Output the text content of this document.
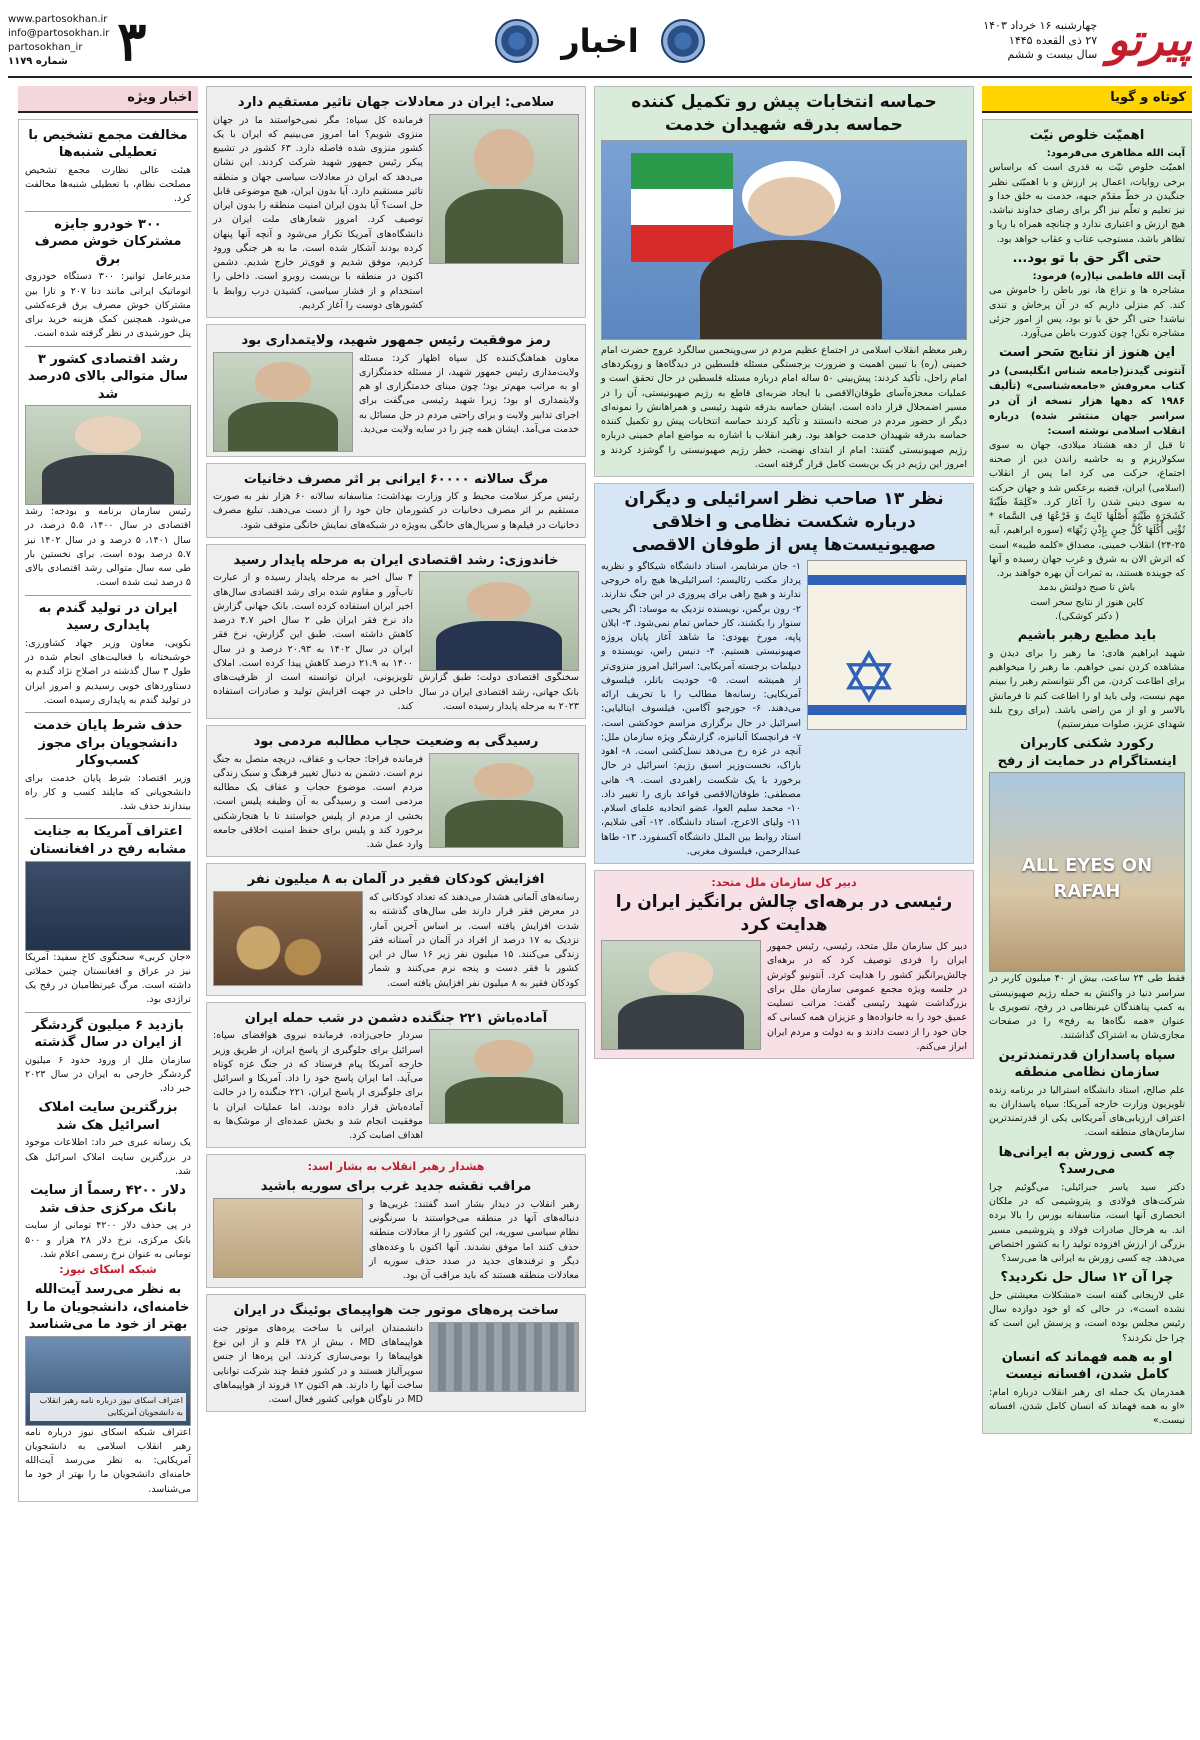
پیرتو
چهارشنبه ۱۶ خرداد ۱۴۰۳
۲۷ ذی القعده ۱۴۴۵
سال بیست و ششم
اخبار
www.partosokhan.ir
info@partosokhan.ir
partosokhan_ir
شماره ۱۱۷۹ ۳
کوتاه و گویا
اهمیّت خلوص نیّت

آیت الله مظاهری می‌فرمود:

اهمیّت خلوص نیّت به قدری است که براساس برخی روایات، اعمال پر ارزش و با اهمیّتی نظیر جنگیدن در خطّ مقدّم جبهه، خدمت به خلق خدا و نیز تعلیم و تعلّم نیز اگر برای رضای خداوند نباشد، هیچ ارزش و اعتباری ندارد و چنانچه همراه با ریا و تظاهر باشد، مستوجب عتاب و عقاب خواهد بود.

حتی اگر حق با تو بود...

آیت الله فاطمی نیا(ره) فرمود:

مشاجره ها و نزاع ها، نور باطن را خاموش می کند. کم منزلی داریم که در آن پرخاش و تندی نباشد! حتی اگر حق با تو بود، پس از امور جزئی مشاجره نکن! چون کدورت باطن می‌آورد.

این هنوز از نتایج سَحر است

آنتونی گیدنز(جامعه شناس انگلیسی) در کتاب معروفش «جامعه‌شناسی» (تألیف ۱۹۸۶ که دهها هزار نسخه از آن در سراسر جهان منتشر شده) درباره انقلاب اسلامی نوشته است:

تا قبل از دهه هشتاد میلادی، جهان به سوی سکولاریزم و به حاشیه راندن دین از صحنه اجتماع، حرکت می کرد اما پس از انقلاب (اسلامی) ایران، قضیه برعکس شد و جهان حرکت به سوی دینی شدن را آغاز کرد. «کَلِمَةً طَیِّبَةً کَشَجَرَةٍ طَیِّبَةٍ أَصْلُهَا ثَابِتٌ وَ فَرْعُهَا فِی السَّماء * تُؤْتِی أُکُلَهَا کُلَّ حِینٍ بِإِذْنِ رَبِّهَا» (سوره ابراهیم، آیه ۲۵-۲۴) انقلاب خمینی، مصداق «کلمه طیبه» است که اثرش الان به شرق و غرب جهان رسیده و آنها که جوینده هستند، به ثمرات آن بهره خواهند برد.

باش تا صبح دولتش بدمد

کاین هنوز از نتایج سحر است

( دکتر کوشکی).

باید مطیع رهبر باشیم

شهید ابراهیم هادی: ما رهبر را برای دیدن و مشاهده کردن نمی خواهیم. ما رهبر را میخواهیم برای اطاعت کردن. من اگر نتوانستم رهبر را ببینم مهم نیست، ولی باید او را اطاعت کنم تا فرمانش بالاسر و او از من راضی باشد. (برای روح بلند شهدای عزیز، صلوات میفرستیم)

رکورد شکنی کاربران اینستاگرام در حمایت از رفح
ALL EYES ON RAFAH

فقط طی ۲۴ ساعت، بیش از ۴۰ میلیون کاربر در سراسر دنیا در واکنش به حمله رژیم صهیونیستی به کمپ پناهندگان غیرنظامی در رفح، تصویری با عنوان «همه نگاه‌ها به رفح» را در صفحات مجازی‌شان به اشتراک گذاشتند.

سپاه پاسداران قدرتمندترین سازمان نظامی منطقه

علم صالح، استاد دانشگاه استرالیا در برنامه زنده تلویزیون وزارت خارجه آمریکا: سپاه پاسداران به اعتراف ارزیابی‌های آمریکایی یکی از قدرتمندترین سازمان‌های منطقه است.

چه کسی زورش به ایرانی‌ها می‌رسد؟

دکتر سید یاسر جبرائیلی: می‌گوئیم چرا شرکت‌های فولادی و پتروشیمی که در ملکان انحصاری آنها است، متاسفانه بورس را بالا برده اند. به هرحال صادرات فولاد و پتروشیمی مسیر بزرگی از ارزش افزوده تولید را به کشور اختصاص می‌دهد. چه کسی زورش به ایرانی ها می‌رسد؟

چرا آن ۱۲ سال حل نکردید؟

علی لاریجانی گفته است «مشکلات معیشتی حل نشده است»، در حالی که او خود دوازده سال رئیس مجلس بوده است، و پرسش این است که چرا حل نکردند؟

او به همه فهماند که انسان کامل شدن، افسانه نیست

همدرمان یک جمله ای رهبر انقلاب درباره امام: «او به همه فهماند که انسان کامل شدن، افسانه نیست.»

حماسه انتخابات پیش رو تکمیل کننده حماسه بدرقه شهیدان خدمت

رهبر معظم انقلاب اسلامی در اجتماع عظیم مردم در سی‌وپنجمین سالگرد عروج حضرت امام خمینی (ره) با تبیین اهمیت و ضرورت برجستگی مسئله فلسطین در دیدگاه‌ها و رویکردهای امام راحل، تأکید کردند: پیش‌بینی ۵۰ ساله امام درباره مسئله فلسطین در حال تحقق است و عملیات معجزه‌آسای طوفان‌الاقصی با ایجاد ضربه‌ای قاطع به رژیم صهیونیستی، آن را در مسیر اضمحلال قرار داده است. ایشان حماسه بدرقه شهید رئیسی و همراهانش را نمونه‌ای دیگر از حضور مردم در صحنه دانستند و تأکید کردند حماسه انتخابات پیش رو تکمیل کننده حماسه بدرقه شهیدان خدمت خواهد بود. رهبر انقلاب با اشاره به مواضع امام خمینی درباره رژیم صهیونیستی گفتند: امام از ابتدای نهضت، خطر رژیم صهیونیستی را گوشزد کردند و امروز این رژیم در یک بن‌بست کامل قرار گرفته است.

نظر ۱۳ صاحب نظر اسرائیلی و دیگران درباره شکست نظامی و اخلاقی صهیونیست‌ها پس از طوفان الاقصی
✡

۱- جان مرشایمر، استاد دانشگاه شیکاگو و نظریه پرداز مکتب رئالیسم: اسرائیلی‌ها هیچ راه خروجی ندارند و هیچ راهی برای پیروزی در این جنگ ندارند. ۲- رون برگمن، نویسنده نزدیک به موساد: اگر یحیی سنوار را بکشند، کار حماس تمام نمی‌شود. ۳- ایلان پاپه، مورخ یهودی: ما شاهد آغاز پایان پروژه صهیونیستی هستیم. ۴- دنیس راس، نویسنده و دیپلمات برجسته آمریکایی: اسرائیل امروز منزوی‌تر از همیشه است. ۵- جودیت باتلر، فیلسوف آمریکایی: رسانه‌ها مطالب را با تحریف ارائه می‌دهند. ۶- جورجیو آگامبن، فیلسوف ایتالیایی: اسرائیل در حال برگزاری مراسم خودکشی است. ۷- فرانچسکا آلبانیزه، گزارشگر ویژه سازمان ملل: آنچه در غزه رخ می‌دهد نسل‌کشی است. ۸- اهود باراک، نخست‌وزیر اسبق رژیم: اسرائیل در حال برخورد با یک شکست راهبردی است. ۹- هانی مصطفی: طوفان‌الاقصی قواعد بازی را تغییر داد. ۱۰- محمد سلیم العوا، عضو اتحادیه علمای اسلام. ۱۱- ولیای الاعرج، استاد دانشگاه. ۱۲- آفی شلایم، استاد روابط بین الملل دانشگاه آکسفورد. ۱۳- طاها عبدالرحمن، فیلسوف مغربی.

دبیر کل سازمان ملل متحد:
رئیسی در برهه‌ای چالش برانگیز ایران را هدایت کرد

دبیر کل سازمان ملل متحد، رئیسی، رئیس جمهور ایران را فردی توصیف کرد که در برهه‌ای چالش‌برانگیز کشور را هدایت کرد. آنتونیو گوترش در جلسه ویژه مجمع عمومی سازمان ملل برای بزرگداشت شهید رئیسی گفت: مراتب تسلیت عمیق خود را به خانواده‌ها و عزیزان همه کسانی که جان خود را از دست دادند و به دولت و مردم ایران ابراز می‌کنم.

سلامی: ایران در معادلات جهان تاثیر مستقیم دارد

فرمانده کل سپاه: مگر نمی‌خواستند ما در جهان منزوی شویم؟ اما امروز می‌بینیم که ایران با یک کشور منزوی شده فاصله دارد. ۶۳ کشور در تشییع پیکر رئیس جمهور شهید شرکت کردند. این نشان می‌دهد که ایران در معادلات سیاسی جهان و منطقه تاثیر مستقیم دارد. آیا بدون ایران، هیچ موضوعی قابل حل است؟ آیا بدون ایران امنیت منطقه را بدون ایران توصیف کرد. امروز شعارهای ملت ایران در دانشگاه‌های آمریکا تکرار می‌شود و آنچه آنها پنهان کرده بودند آشکار شده است. ما به هر جنگی ورود کردیم، موفق شدیم و قوی‌تر خارج شدیم. دشمن اکنون در منطقه با بن‌بست روبرو است. داخلی را استخدام و از فشار سیاسی، کشیدن درب روابط با کشورهای دوست را آغاز کردیم.

رمز موفقیت رئیس جمهور شهید، ولایتمداری بود

معاون هماهنگ‌کننده کل سپاه اظهار کرد: مسئله ولایت‌مداری رئیس جمهور شهید، از مسئله خدمتگزاری او به مراتب مهم‌تر بود؛ چون مبنای خدمتگزاری او هم ولایتمداری او بود؛ زیرا شهید رئیسی می‌گفت برای اجرای تدابیر ولایت و برای راحتی مردم در حل مسائل به خدمت می‌آمد. ایشان همه چیز را در سایه ولایت می‌دید.

مرگ سالانه ۶۰۰۰۰ ایرانی بر اثر مصرف دخانیات

رئیس مرکز سلامت محیط و کار وزارت بهداشت: متاسفانه سالانه ۶۰ هزار نفر به صورت مستقیم بر اثر مصرف دخانیات در کشورمان جان خود را از دست می‌دهند. تبلیغ مصرف دخانیات در فیلم‌ها و سریال‌های خانگی به‌ویژه در شبکه‌های نمایش خانگی متوقف شود.

خاندوزی: رشد اقتصادی ایران به مرحله پایدار رسید

سخنگوی اقتصادی دولت: طبق گزارش بانک جهانی، رشد اقتصادی ایران در سال ۲۰۲۳ به مرحله پایدار رسیده است.

۴ سال اخیر به مرحله پایدار رسیده و از عبارت تاب‌آور و مقاوم شده برای رشد اقتصادی سال‌های اخیر ایران استفاده کرده است. بانک جهانی گزارش داد نرخ فقر ایران طی ۲ سال اخیر ۴.۷ درصد کاهش داشته است. طبق این گزارش، نرخ فقر ایران در سال ۱۴۰۲ به ۲۰.۹۳ درصد و در سال ۱۴۰۰ به ۲۱.۹ درصد کاهش پیدا کرده است. املاک تلویزیونی، ایران توانسته است از ظرفیت‌های داخلی در جهت افزایش تولید و صادرات استفاده کند.

رسیدگی به وضعیت حجاب مطالبه مردمی بود

فرمانده فراجا: حجاب و عفاف، دریچه متصل به جنگ نرم است. دشمن به دنبال تغییر فرهنگ و سبک زندگی مردم است. موضوع حجاب و عفاف یک مطالبه مردمی است و رسیدگی به آن وظیفه پلیس است. بخشی از مردم از پلیس خواستند تا با هنجارشکنی برخورد کند و پلیس برای حفظ امنیت اخلاقی جامعه وارد عمل شد.

افزایش کودکان فقیر در آلمان به ۸ میلیون نفر

رسانه‌های آلمانی هشدار می‌دهند که تعداد کودکانی که در معرض فقر قرار دارند طی سال‌های گذشته به شدت افزایش یافته است. بر اساس آخرین آمار، نزدیک به ۱۷ درصد از افراد در آلمان در آستانه فقر زندگی می‌کنند. ۱۵ میلیون نفر زیر ۱۶ سال در این کشور با فقر دست و پنجه نرم می‌کنند و شمار کودکان فقیر به ۸ میلیون نفر افزایش یافته است.

آماده‌باش ۲۲۱ جنگنده دشمن در شب حمله ایران

سردار حاجی‌زاده، فرمانده نیروی هوافضای سپاه: اسرائیل برای جلوگیری از پاسخ ایران، از طریق وزیر خارجه آمریکا پیام فرستاد که در جنگ غزه کوتاه می‌آید. اما ایران پاسخ خود را داد. آمریکا و اسرائیل برای جلوگیری از پاسخ ایران، ۲۲۱ جنگنده را در حالت آماده‌باش قرار داده بودند، اما عملیات ایران با موفقیت انجام شد و بخش عمده‌ای از موشک‌ها به اهداف اصابت کرد.

هشدار رهبر انقلاب به بشار اسد:
مراقب نقشه جدید غرب برای سوریه باشید

رهبر انقلاب در دیدار بشار اسد گفتند: غربی‌ها و دنباله‌های آنها در منطقه می‌خواستند با سرنگونی نظام سیاسی سوریه، این کشور را از معادلات منطقه حذف کنند اما موفق نشدند. آنها اکنون با وعده‌های دیگر و ترفندهای جدید در صدد حذف سوریه از معادلات منطقه هستند که باید مراقب آن بود.

ساخت پره‌های موتور جت هواپیمای بوئینگ در ایران

دانشمندان ایرانی با ساخت پره‌های موتور جت هواپیماهای MD ، بیش از ۲۸ قلم و از این نوع هواپیماها را بومی‌سازی کردند. این پره‌ها از جنس سوپرآلیاژ هستند و در کشور فقط چند شرکت توانایی ساخت آنها را دارند. هم اکنون ۱۲ فروند از هواپیماهای MD در ناوگان هوایی کشور فعال است.

اخبار ویژه
مخالفت مجمع تشخیص با تعطیلی شنبه‌ها

هیئت عالی نظارت مجمع تشخیص مصلحت نظام، با تعطیلی شنبه‌ها مخالفت کرد.

۳۰۰ خودرو جایزه مشترکان خوش مصرف برق

مدیرعامل توانیر: ۳۰۰ دستگاه خودروی اتوماتیک ایرانی مانند دنا ۲۰۷ و تارا بین مشترکان خوش مصرف برق قرعه‌کشی می‌شود. همچنین کمک هزینه خرید برای پنل خورشیدی در نظر گرفته شده است.

رشد اقتصادی کشور ۳ سال متوالی بالای ۵درصد شد

رئیس سازمان برنامه و بودجه: رشد اقتصادی در سال ۱۴۰۰، ۵.۵ درصد، در سال ۱۴۰۱، ۵ درصد و در سال ۱۴۰۲ نیز ۵.۷ درصد بوده است. برای نخستین بار طی سه سال متوالی رشد اقتصادی بالای ۵ درصد ثبت شده است.

ایران در تولید گندم به پایداری رسید

نکویی، معاون وزیر جهاد کشاورزی: خوشبختانه با فعالیت‌های انجام شده در طول ۳ سال گذشته در اصلاح نژاد گندم به دستاوردهای خوبی رسیدیم و امروز ایران در تولید گندم به پایداری رسیده است.

حذف شرط پایان خدمت دانشجویان برای مجوز کسب‌وکار

وزیر اقتصاد: شرط پایان خدمت برای دانشجویانی که مایلند کسب و کار راه بیندازند حذف شد.

اعتراف آمریکا به جنایت مشابه رفح در افغانستان

«جان کربی» سخنگوی کاخ سفید: آمریکا نیز در عراق و افغانستان چنین حملاتی داشته است. مرگ غیرنظامیان در رفح یک تراژدی بود.

بازدید ۶ میلیون گردشگر از ایران در سال گذشته

سازمان ملل از ورود حدود ۶ میلیون گردشگر خارجی به ایران در سال ۲۰۲۳ خبر داد.

بزرگترین سایت املاک اسرائیل هک شد

یک رسانه عبری خبر داد: اطلاعات موجود در بزرگترین سایت املاک اسرائیل هک شد.

دلار ۴۲۰۰ رسماً از سایت بانک مرکزی حذف شد

در پی حذف دلار ۴۲۰۰ تومانی از سایت بانک مرکزی، نرخ دلار ۲۸ هزار و ۵۰۰ تومانی به عنوان نرخ رسمی اعلام شد.

شبکه اسکای نیوز:
به نظر می‌رسد آیت‌الله خامنه‌ای، دانشجویان ما را بهتر از خود ما می‌شناسد
اعتراف اسکای نیوز درباره نامه رهبر انقلاب به دانشجویان آمریکایی

اعتراف شبکه اسکای نیوز درباره نامه رهبر انقلاب اسلامی به دانشجویان آمریکایی: به نظر می‌رسد آیت‌الله خامنه‌ای دانشجویان ما را بهتر از خود ما می‌شناسد.
